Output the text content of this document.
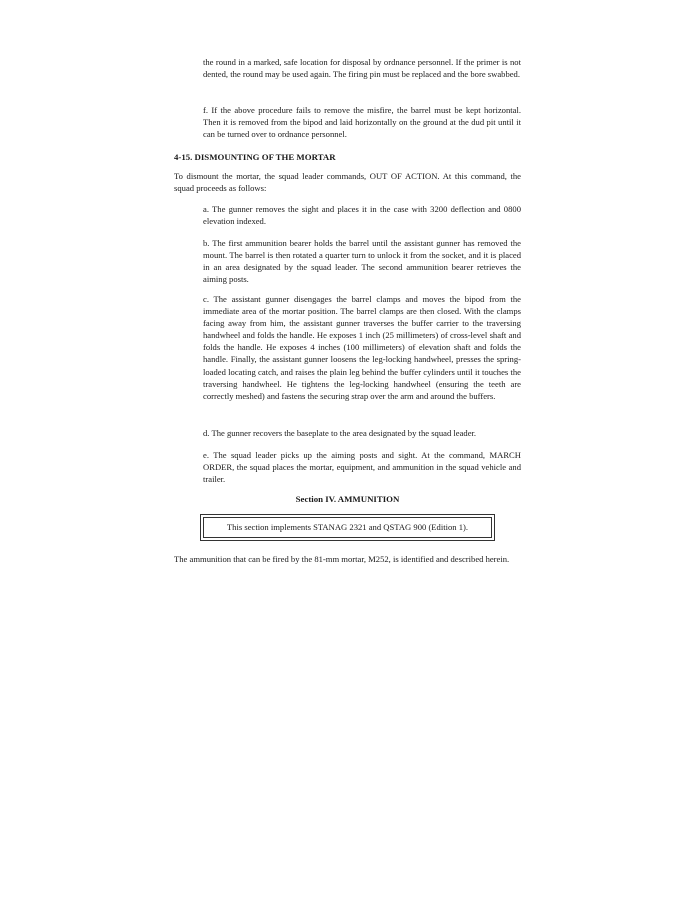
the round in a marked, safe location for disposal by ordnance personnel. If the primer is not dented, the round may be used again. The firing pin must be replaced and the bore swabbed.

f. If the above procedure fails to remove the misfire, the barrel must be kept horizontal. Then it is removed from the bipod and laid horizontally on the ground at the dud pit until it can be turned over to ordnance personnel.

4-15. DISMOUNTING OF THE MORTAR

To dismount the mortar, the squad leader commands, OUT OF ACTION. At this command, the squad proceeds as follows:

a. The gunner removes the sight and places it in the case with 3200 deflection and 0800 elevation indexed.

b. The first ammunition bearer holds the barrel until the assistant gunner has removed the mount. The barrel is then rotated a quarter turn to unlock it from the socket, and it is placed in an area designated by the squad leader. The second ammunition bearer retrieves the aiming posts.

c. The assistant gunner disengages the barrel clamps and moves the bipod from the immediate area of the mortar position. The barrel clamps are then closed. With the clamps facing away from him, the assistant gunner traverses the buffer carrier to the traversing handwheel and folds the handle. He exposes 1 inch (25 millimeters) of cross-level shaft and folds the handle. He exposes 4 inches (100 millimeters) of elevation shaft and folds the handle. Finally, the assistant gunner loosens the leg-locking handwheel, presses the spring-loaded locating catch, and raises the plain leg behind the buffer cylinders until it touches the traversing handwheel. He tightens the leg-locking handwheel (ensuring the teeth are correctly meshed) and fastens the securing strap over the arm and around the buffers.

d. The gunner recovers the baseplate to the area designated by the squad leader.

e. The squad leader picks up the aiming posts and sight. At the command, MARCH ORDER, the squad places the mortar, equipment, and ammunition in the squad vehicle and trailer.

Section IV. AMMUNITION
This section implements STANAG 2321 and QSTAG 900 (Edition 1).

The ammunition that can be fired by the 81-mm mortar, M252, is identified and described herein.
